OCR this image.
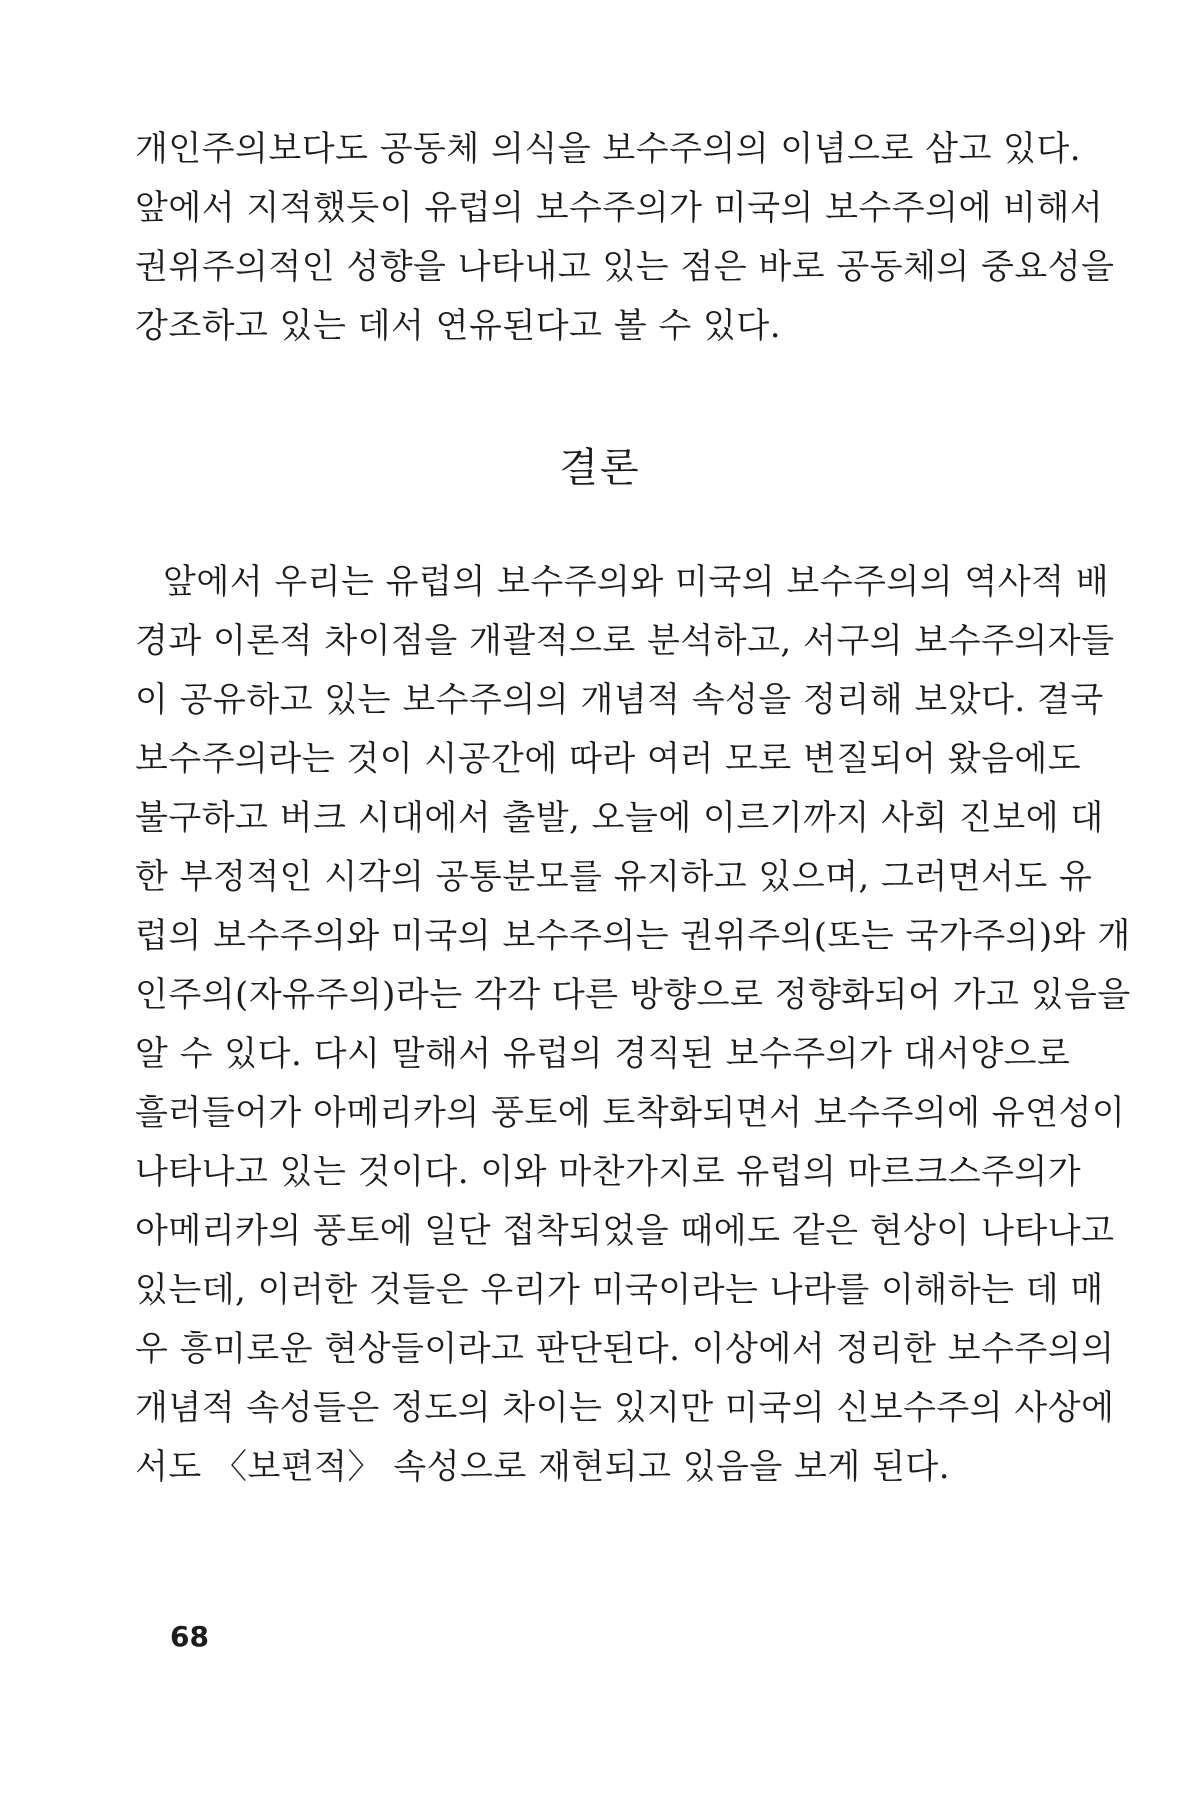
개인주의보다도 공동체 의식을 보수주의의 이념으로 삼고 있다.
앞에서 지적했듯이 유럽의 보수주의가 미국의 보수주의에 비해서
권위주의적인 성향을 나타내고 있는 점은 바로 공동체의 중요성을
강조하고 있는 데서 연유된다고 볼 수 있다.
결론
앞에서 우리는 유럽의 보수주의와 미국의 보수주의의 역사적 배
경과 이론적 차이점을 개괄적으로 분석하고, 서구의 보수주의자들
이 공유하고 있는 보수주의의 개념적 속성을 정리해 보았다. 결국
보수주의라는 것이 시공간에 따라 여러 모로 변질되어 왔음에도
불구하고 버크 시대에서 출발, 오늘에 이르기까지 사회 진보에 대
한 부정적인 시각의 공통분모를 유지하고 있으며, 그러면서도 유
럽의 보수주의와 미국의 보수주의는 권위주의(또는 국가주의)와 개
인주의(자유주의)라는 각각 다른 방향으로 정향화되어 가고 있음을
알 수 있다. 다시 말해서 유럽의 경직된 보수주의가 대서양으로
흘러들어가 아메리카의 풍토에 토착화되면서 보수주의에 유연성이
나타나고 있는 것이다. 이와 마찬가지로 유럽의 마르크스주의가
아메리카의 풍토에 일단 접착되었을 때에도 같은 현상이 나타나고
있는데, 이러한 것들은 우리가 미국이라는 나라를 이해하는 데 매
우 흥미로운 현상들이라고 판단된다. 이상에서 정리한 보수주의의
개념적 속성들은 정도의 차이는 있지만 미국의 신보수주의 사상에
서도 〈보편적〉 속성으로 재현되고 있음을 보게 된다.
68
